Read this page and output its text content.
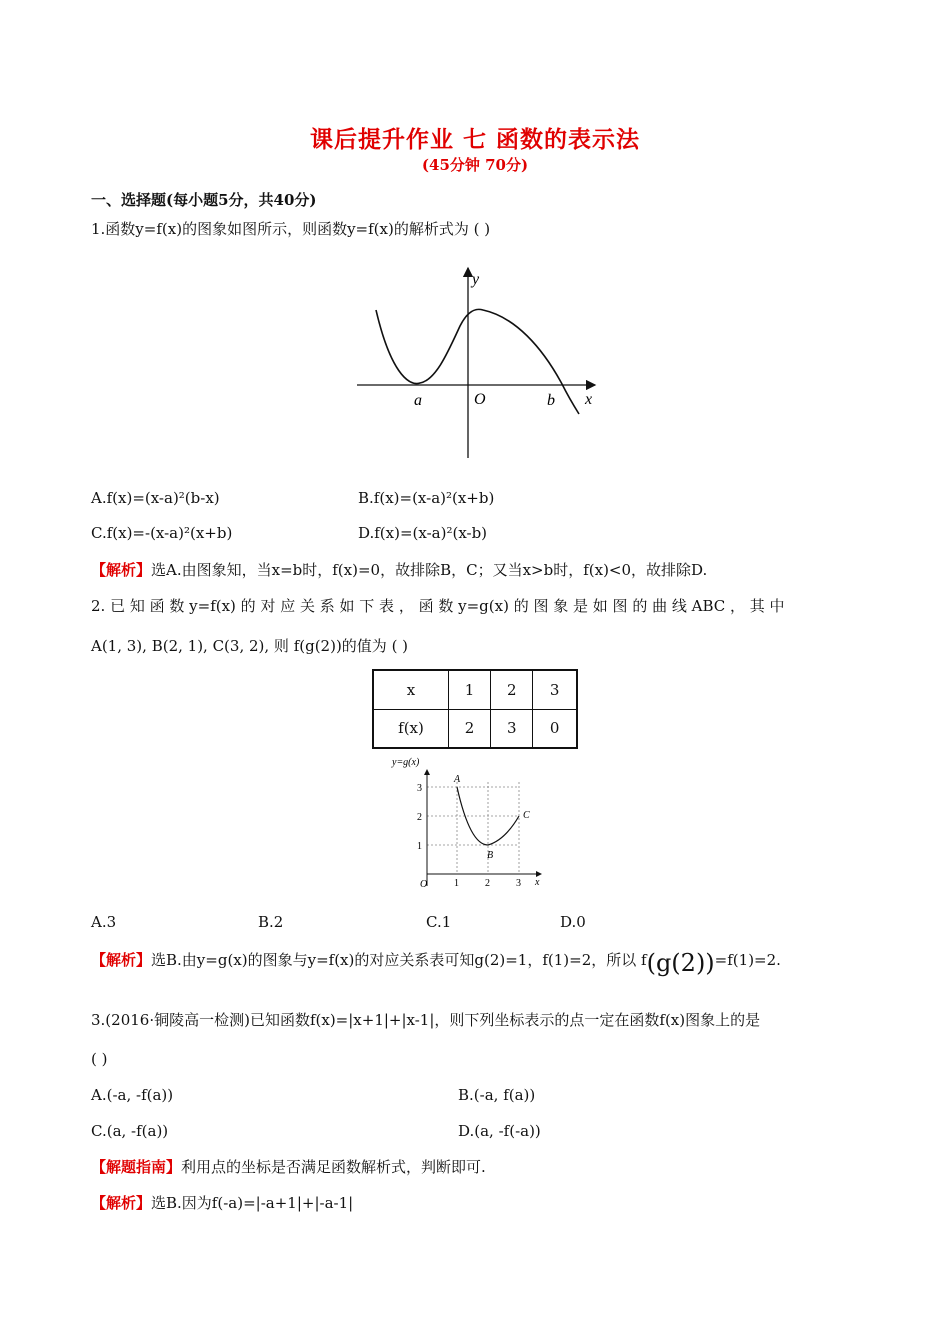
课后提升作业 七 函数的表示法
(45分钟 70分)
一、选择题(每小题5分，共40分)
1.函数y=f(x)的图象如图所示，则函数y=f(x)的解析式为 ( )
y
a	O	b x
A.f(x)=(x-a)²(b-x)	B.f(x)=(x-a)²(x+b)
C.f(x)=-(x-a)²(x+b)	D.f(x)=(x-a)²(x-b)
【解析】选A.由图象知，当x=b时，f(x)=0，故排除B，C；又当x>b时，f(x)<0，故排除D.
2. 已 知 函 数 y=f(x) 的 对 应 关 系 如 下 表 ， 函 数 y=g(x) 的 图 象 是 如 图 的 曲 线 ABC ， 其 中
A(1, 3), B(2, 1), C(3, 2), 则 f(g(2))的值为 ( )
x	1	2	3
f(x)	2	3	0
y=g(x)
A
B
C
3
2
1
O	1	2	3 x
A.3	B.2	C.1	D.0
【解析】选B.由y=g(x)的图象与y=f(x)的对应关系表可知g(2)=1，f(1)=2，所以 f(g(2))=f(1)=2.
3.(2016·铜陵高一检测)已知函数f(x)=|x+1|+|x-1|，则下列坐标表示的点一定在函数f(x)图象上的是
( )
A.(-a, -f(a))	B.(-a, f(a))
C.(a, -f(a))	D.(a, -f(-a))
【解题指南】利用点的坐标是否满足函数解析式，判断即可.
【解析】选B.因为f(-a)=|-a+1|+|-a-1|
